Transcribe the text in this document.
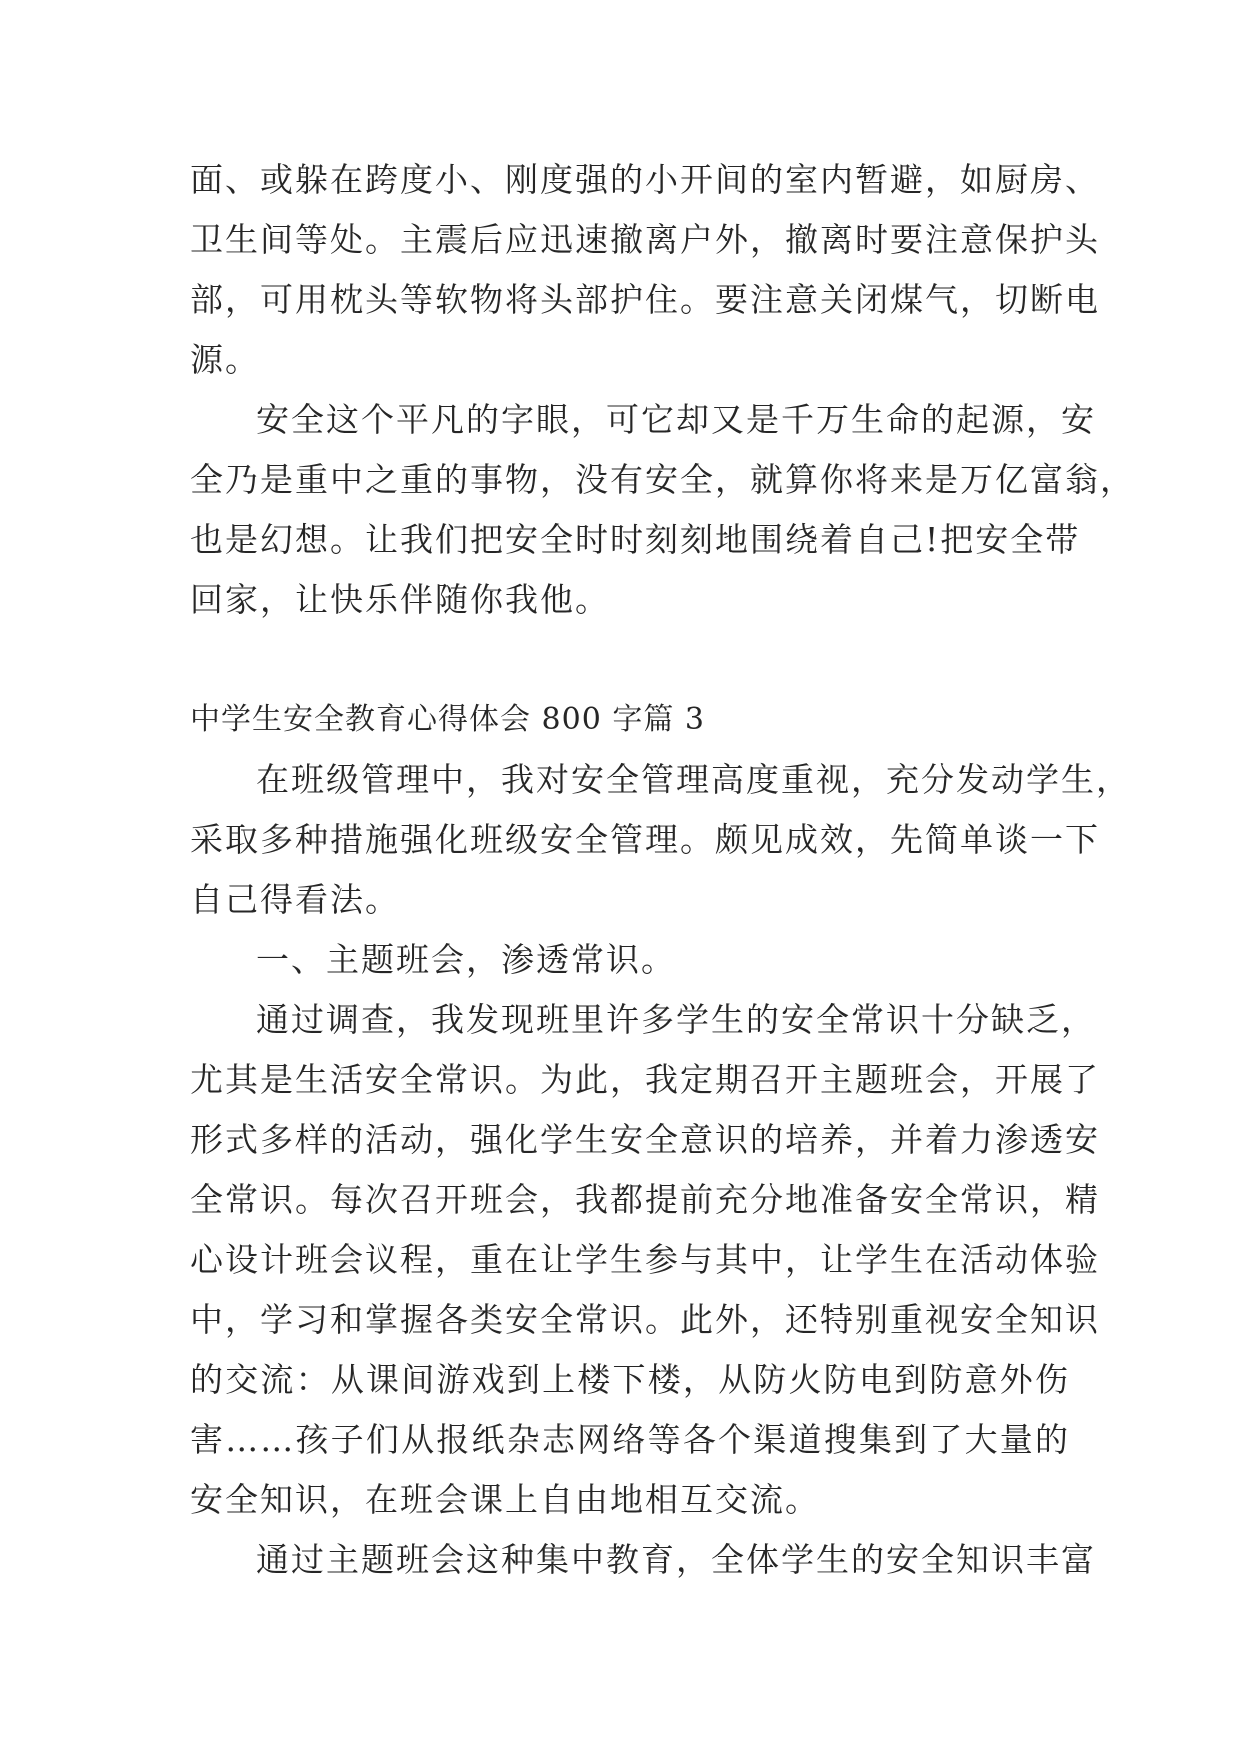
面、或躲在跨度小、刚度强的小开间的室内暂避，如厨房、
卫生间等处。主震后应迅速撤离户外，撤离时要注意保护头
部，可用枕头等软物将头部护住。要注意关闭煤气，切断电
源。
安全这个平凡的字眼，可它却又是千万生命的起源，安
全乃是重中之重的事物，没有安全，就算你将来是万亿富翁，
也是幻想。让我们把安全时时刻刻地围绕着自己!把安全带
回家，让快乐伴随你我他。
中学生安全教育心得体会 800 字篇 3
在班级管理中，我对安全管理高度重视，充分发动学生，
采取多种措施强化班级安全管理。颇见成效，先简单谈一下
自己得看法。
一、主题班会，渗透常识。
通过调查，我发现班里许多学生的安全常识十分缺乏，
尤其是生活安全常识。为此，我定期召开主题班会，开展了
形式多样的活动，强化学生安全意识的培养，并着力渗透安
全常识。每次召开班会，我都提前充分地准备安全常识，精
心设计班会议程，重在让学生参与其中，让学生在活动体验
中，学习和掌握各类安全常识。此外，还特别重视安全知识
的交流：从课间游戏到上楼下楼，从防火防电到防意外伤
害……孩子们从报纸杂志网络等各个渠道搜集到了大量的
安全知识，在班会课上自由地相互交流。
通过主题班会这种集中教育，全体学生的安全知识丰富
